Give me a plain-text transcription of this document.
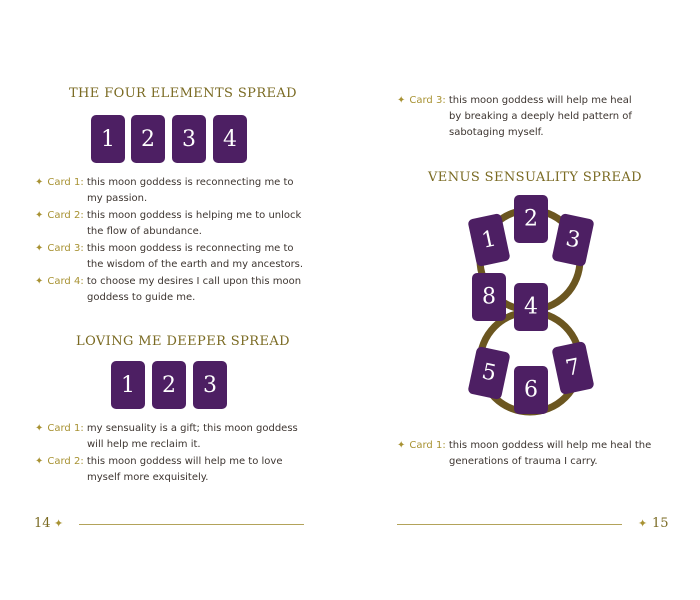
THE FOUR ELEMENTS SPREAD
1	2	3	4
✦ Card 1: this moon goddess is reconnecting me to
my passion.
✦ Card 2: this moon goddess is helping me to unlock
the flow of abundance.
✦ Card 3: this moon goddess is reconnecting me to
the wisdom of the earth and my ancestors.
✦ Card 4: to choose my desires I call upon this moon
goddess to guide me.
LOVING ME DEEPER SPREAD
1	2	3
✦ Card 1: my sensuality is a gift; this moon goddess
will help me reclaim it.
✦ Card 2: this moon goddess will help me to love
myself more exquisitely.
14 ✦
✦ Card 3: this moon goddess will help me heal
by breaking a deeply held pattern of
sabotaging myself.
VENUS SENSUALITY SPREAD
1
2
3
8 4
5
6
7
✦ Card 1: this moon goddess will help me heal the
generations of trauma I carry.
✦ 15
